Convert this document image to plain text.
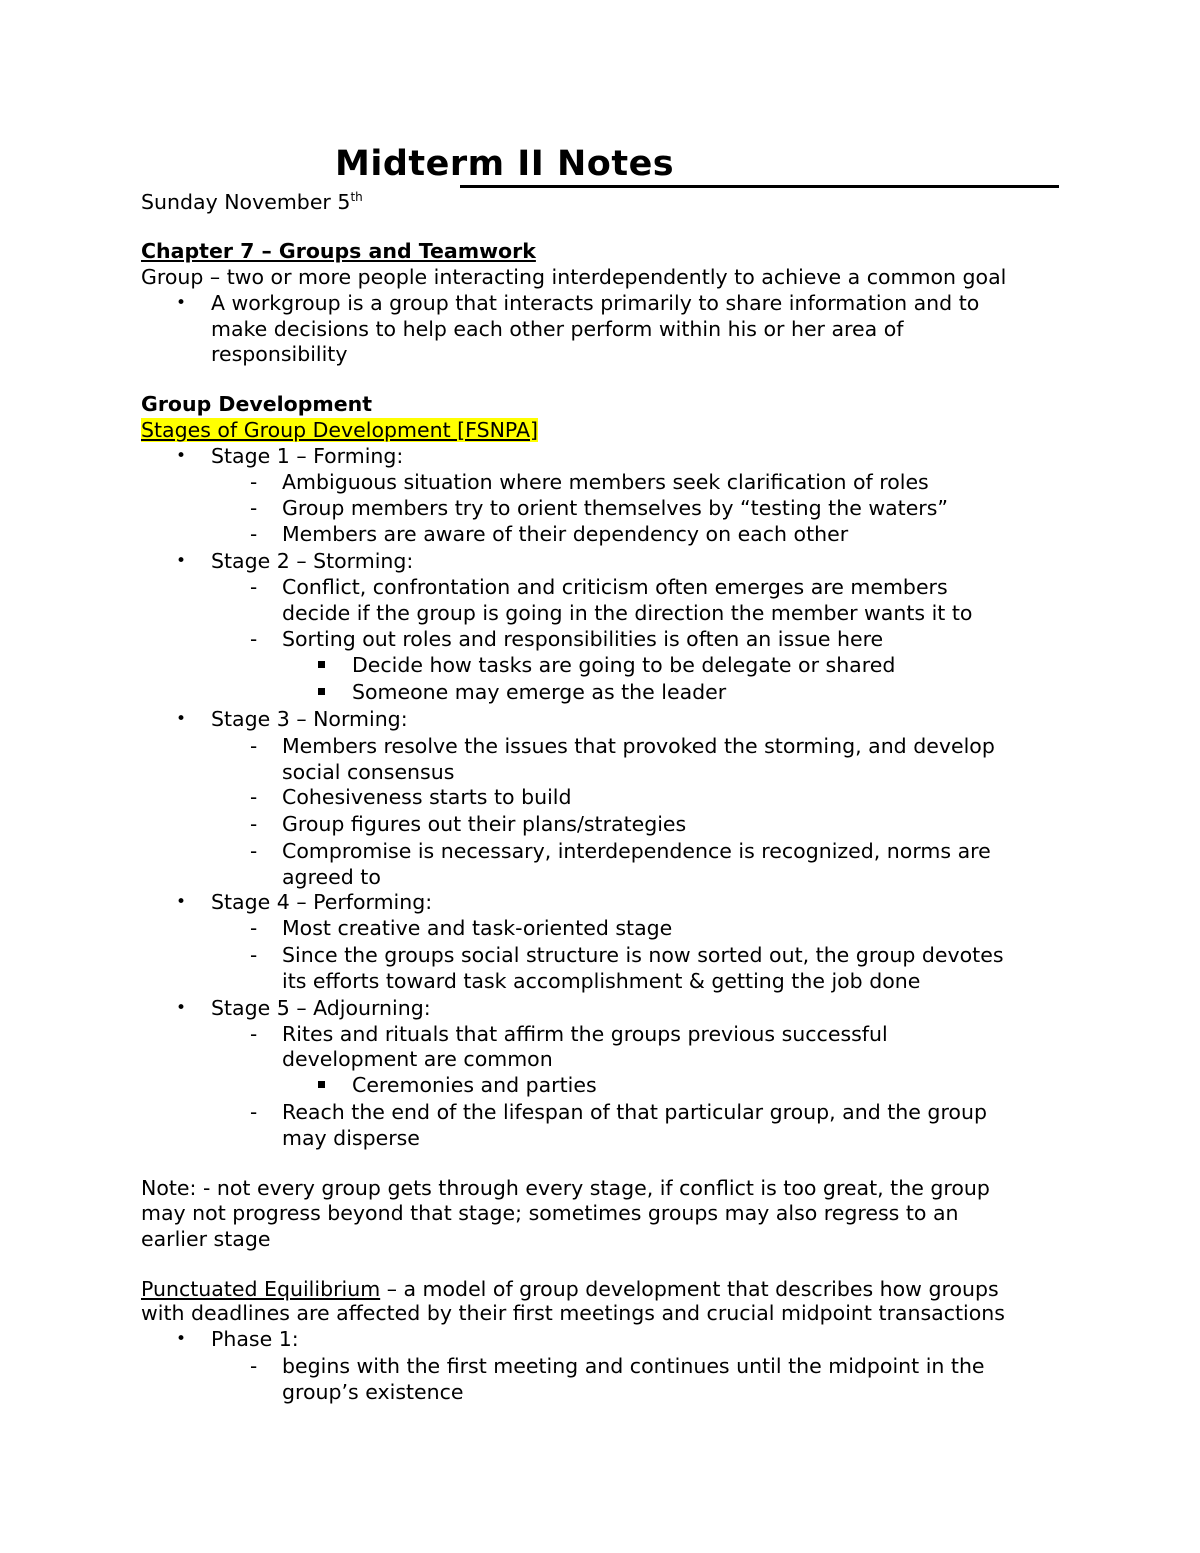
Midterm II Notes
Sunday November 5th
Chapter 7 – Groups and Teamwork
Group – two or more people interacting interdependently to achieve a common goal
• A workgroup is a group that interacts primarily to share information and to
make decisions to help each other perform within his or her area of
responsibility
Group Development
Stages of Group Development [FSNPA]
• Stage 1 – Forming:
- Ambiguous situation where members seek clarification of roles
- Group members try to orient themselves by “testing the waters”
- Members are aware of their dependency on each other
• Stage 2 – Storming:
- Conflict, confrontation and criticism often emerges are members
decide if the group is going in the direction the member wants it to
- Sorting out roles and responsibilities is often an issue here
Decide how tasks are going to be delegate or shared
Someone may emerge as the leader
• Stage 3 – Norming:
- Members resolve the issues that provoked the storming, and develop
social consensus
- Cohesiveness starts to build
- Group figures out their plans/strategies
- Compromise is necessary, interdependence is recognized, norms are
agreed to
• Stage 4 – Performing:
- Most creative and task-oriented stage
- Since the groups social structure is now sorted out, the group devotes
its efforts toward task accomplishment & getting the job done
• Stage 5 – Adjourning:
- Rites and rituals that affirm the groups previous successful
development are common
Ceremonies and parties
- Reach the end of the lifespan of that particular group, and the group
may disperse
Note: - not every group gets through every stage, if conflict is too great, the group
may not progress beyond that stage; sometimes groups may also regress to an
earlier stage
Punctuated Equilibrium – a model of group development that describes how groups
with deadlines are affected by their first meetings and crucial midpoint transactions
• Phase 1:
- begins with the first meeting and continues until the midpoint in the
group’s existence
